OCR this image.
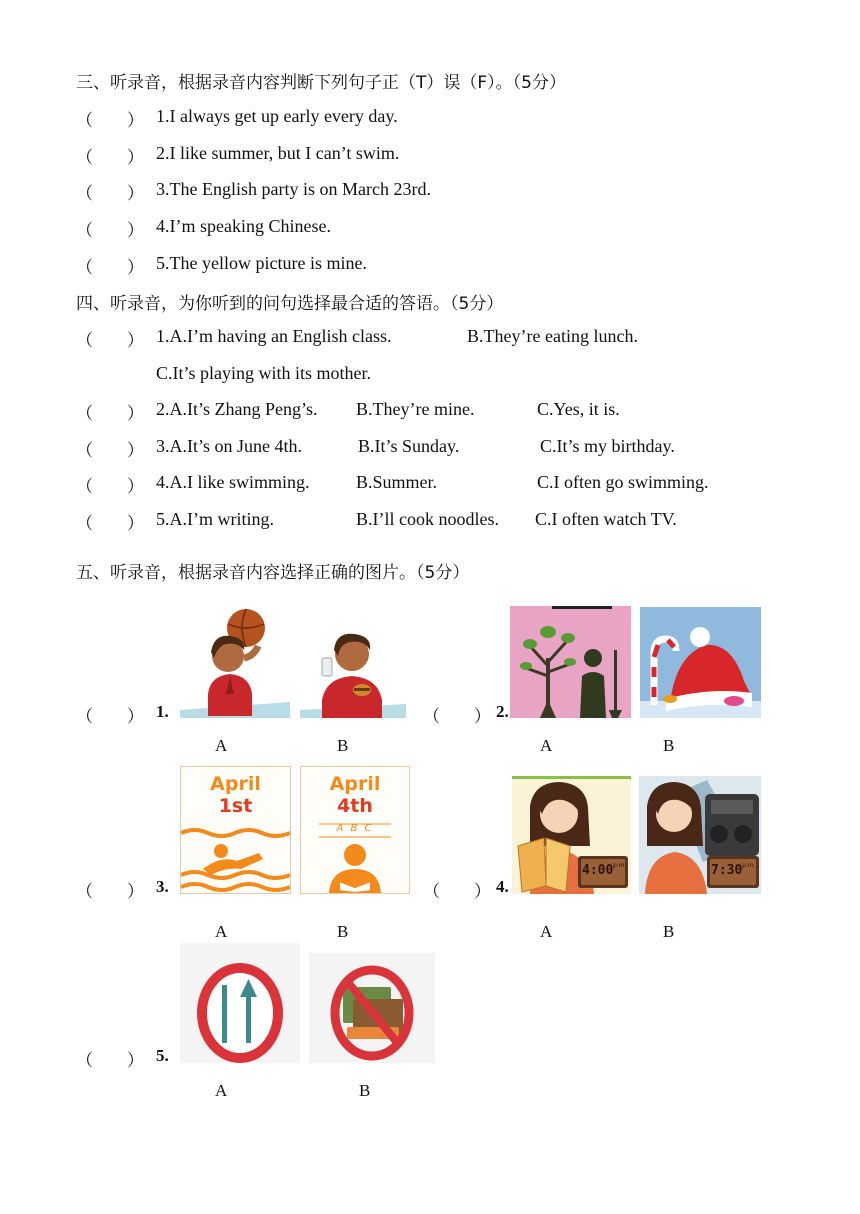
三、听录音，根据录音内容判断下列句子正（T）误（F）。（5分）
（　　） 1.I always get up early every day.
（　　） 2.I like summer, but I can’t swim.
（　　） 3.The English party is on March 23rd.
（　　） 4.I’m speaking Chinese.
（　　） 5.The yellow picture is mine.
四、听录音，为你听到的问句选择最合适的答语。（5分）
（　　） 1.A.I’m having an English class.	B.They’re eating lunch.
C.It’s playing with its mother.
（　　） 2.A.It’s Zhang Peng’s. B.They’re mine.	C.Yes, it is.
（　　） 3.A.It’s on June 4th.	B.It’s Sunday.	C.It’s my birthday.
（　　） 4.A.I like swimming.	B.Summer.	C.I often go swimming.
（　　） 5.A.I’m writing.	B.I’ll cook noodles. C.I often watch TV.
五、听录音，根据录音内容选择正确的图片。（5分）
（　　） 1.
A	B
（　　） 2.
A	B
（　　） 3.
April
1st
April
4th
A B C
A	B
（　　） 4.
4:00 p.m.	7:30 p.m.
A	B
（　　） 5.
A	B
